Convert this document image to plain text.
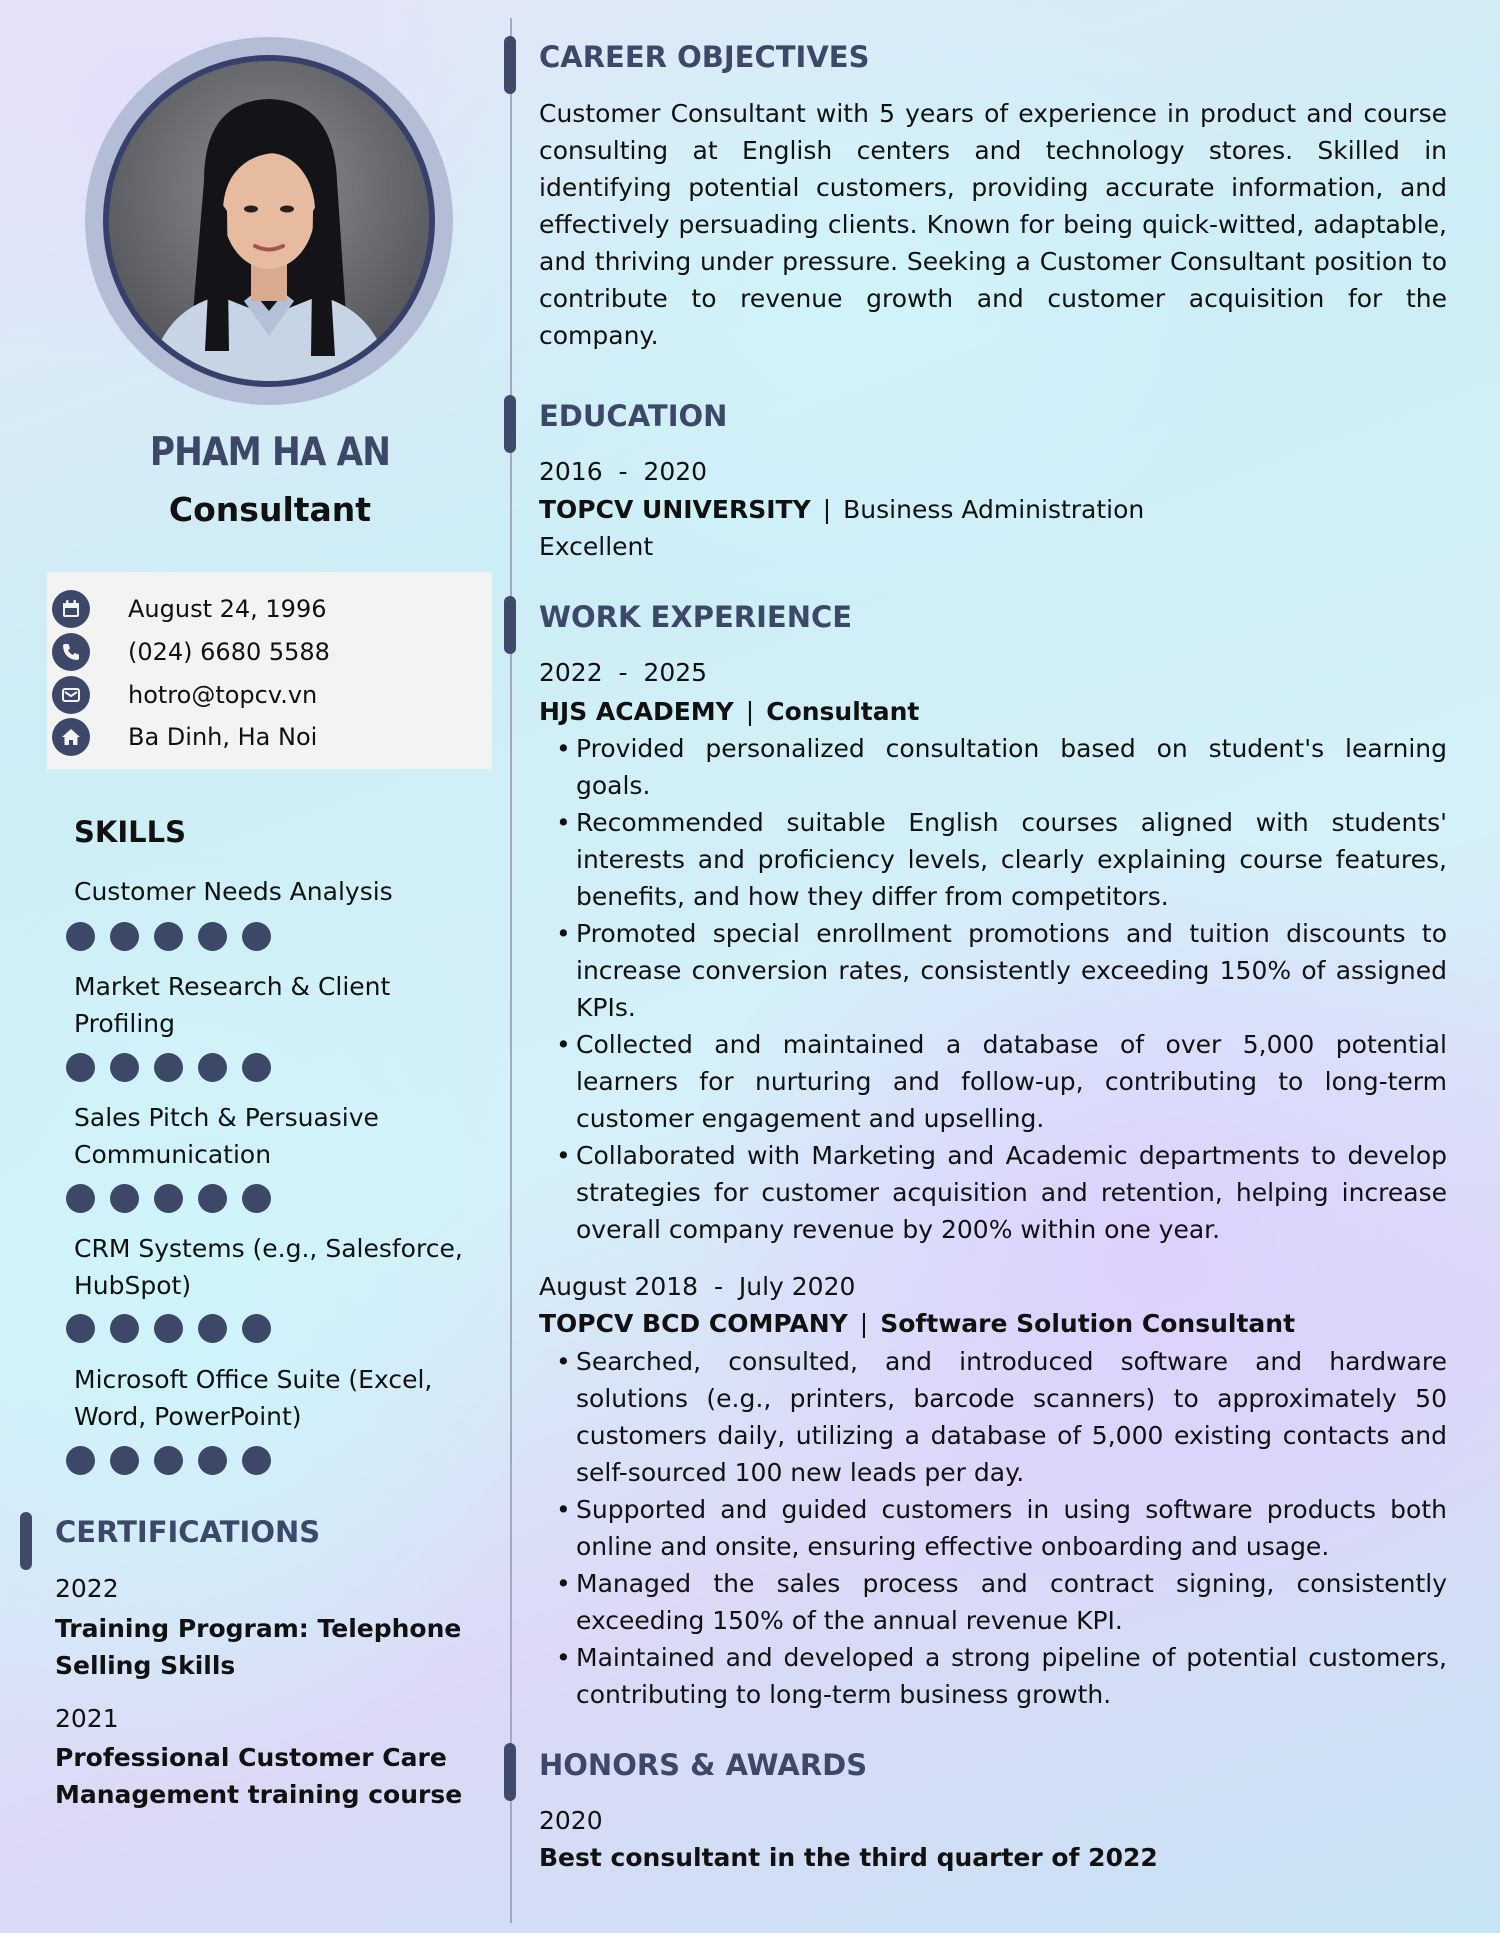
PHAM HA AN
Consultant
August 24, 1996
(024) 6680 5588
hotro@topcv.vn
Ba Dinh, Ha Noi
SKILLS
Customer Needs Analysis
Market Research & Client Profiling
Sales Pitch & Persuasive Communication
CRM Systems (e.g., Salesforce, HubSpot)
Microsoft Office Suite (Excel, Word, PowerPoint)
CERTIFICATIONS
2022
Training Program: Telephone Selling Skills
2021
Professional Customer Care Management training course
CAREER OBJECTIVES
Customer Consultant with 5 years of experience in product and course consulting at English centers and technology stores. Skilled in identifying potential customers, providing accurate information, and effectively persuading clients. Known for being quick-witted, adaptable, and thriving under pressure. Seeking a Customer Consultant position to contribute to revenue growth and customer acquisition for the company.
EDUCATION
2016  -  2020
TOPCV UNIVERSITY | Business Administration
Excellent
WORK EXPERIENCE
2022  -  2025
HJS ACADEMY | Consultant
• Provided personalized consultation based on student's learning goals.
• Recommended suitable English courses aligned with students' interests and proficiency levels, clearly explaining course features, benefits, and how they differ from competitors.
• Promoted special enrollment promotions and tuition discounts to increase conversion rates, consistently exceeding 150% of assigned KPIs.
• Collected and maintained a database of over 5,000 potential learners for nurturing and follow-up, contributing to long-term customer engagement and upselling.
• Collaborated with Marketing and Academic departments to develop strategies for customer acquisition and retention, helping increase overall company revenue by 200% within one year.
August 2018  -  July 2020
TOPCV BCD COMPANY | Software Solution Consultant
• Searched, consulted, and introduced software and hardware solutions (e.g., printers, barcode scanners) to approximately 50 customers daily, utilizing a database of 5,000 existing contacts and self-sourced 100 new leads per day.
• Supported and guided customers in using software products both online and onsite, ensuring effective onboarding and usage.
• Managed the sales process and contract signing, consistently exceeding 150% of the annual revenue KPI.
• Maintained and developed a strong pipeline of potential customers, contributing to long-term business growth.
HONORS & AWARDS
2020
Best consultant in the third quarter of 2022
